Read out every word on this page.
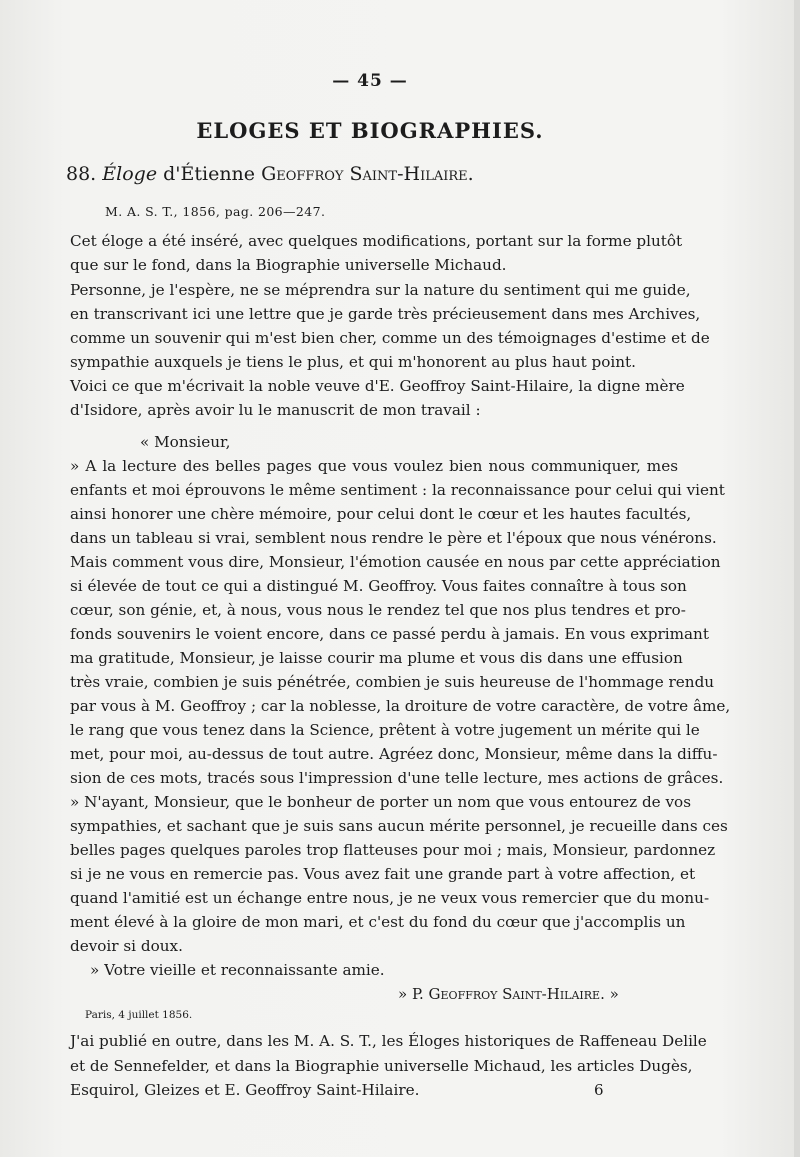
— 45 —
ELOGES ET BIOGRAPHIES.
88. Éloge d'Étienne Geoffroy Saint-Hilaire.
M. A. S. T., 1856, pag. 206—247.
Cet éloge a été inséré, avec quelques modifications, portant sur la forme plutôt
que sur le fond, dans la Biographie universelle Michaud.
Personne, je l'espère, ne se méprendra sur la nature du sentiment qui me guide,
en transcrivant ici une lettre que je garde très précieusement dans mes Archives,
comme un souvenir qui m'est bien cher, comme un des témoignages d'estime et de
sympathie auxquels je tiens le plus, et qui m'honorent au plus haut point.
Voici ce que m'écrivait la noble veuve d'E. Geoffroy Saint-Hilaire, la digne mère
d'Isidore, après avoir lu le manuscrit de mon travail :
« Monsieur,
» A la lecture des belles pages que vous voulez bien nous communiquer, mes
enfants et moi éprouvons le même sentiment : la reconnaissance pour celui qui vient
ainsi honorer une chère mémoire, pour celui dont le cœur et les hautes facultés,
dans un tableau si vrai, semblent nous rendre le père et l'époux que nous vénérons.
Mais comment vous dire, Monsieur, l'émotion causée en nous par cette appréciation
si élevée de tout ce qui a distingué M. Geoffroy. Vous faites connaître à tous son
cœur, son génie, et, à nous, vous nous le rendez tel que nos plus tendres et pro-
fonds souvenirs le voient encore, dans ce passé perdu à jamais. En vous exprimant
ma gratitude, Monsieur, je laisse courir ma plume et vous dis dans une effusion
très vraie, combien je suis pénétrée, combien je suis heureuse de l'hommage rendu
par vous à M. Geoffroy ; car la noblesse, la droiture de votre caractère, de votre âme,
le rang que vous tenez dans la Science, prêtent à votre jugement un mérite qui le
met, pour moi, au-dessus de tout autre. Agréez donc, Monsieur, même dans la diffu-
sion de ces mots, tracés sous l'impression d'une telle lecture, mes actions de grâces.
» N'ayant, Monsieur, que le bonheur de porter un nom que vous entourez de vos
sympathies, et sachant que je suis sans aucun mérite personnel, je recueille dans ces
belles pages quelques paroles trop flatteuses pour moi ; mais, Monsieur, pardonnez
si je ne vous en remercie pas. Vous avez fait une grande part à votre affection, et
quand l'amitié est un échange entre nous, je ne veux vous remercier que du monu-
ment élevé à la gloire de mon mari, et c'est du fond du cœur que j'accomplis un
devoir si doux.
» Votre vieille et reconnaissante amie.
» P. Geoffroy Saint-Hilaire. »
Paris, 4 juillet 1856.
J'ai publié en outre, dans les M. A. S. T., les Éloges historiques de Raffeneau Delile
et de Sennefelder, et dans la Biographie universelle Michaud, les articles Dugès,
Esquirol, Gleizes et E. Geoffroy Saint-Hilaire.	6
